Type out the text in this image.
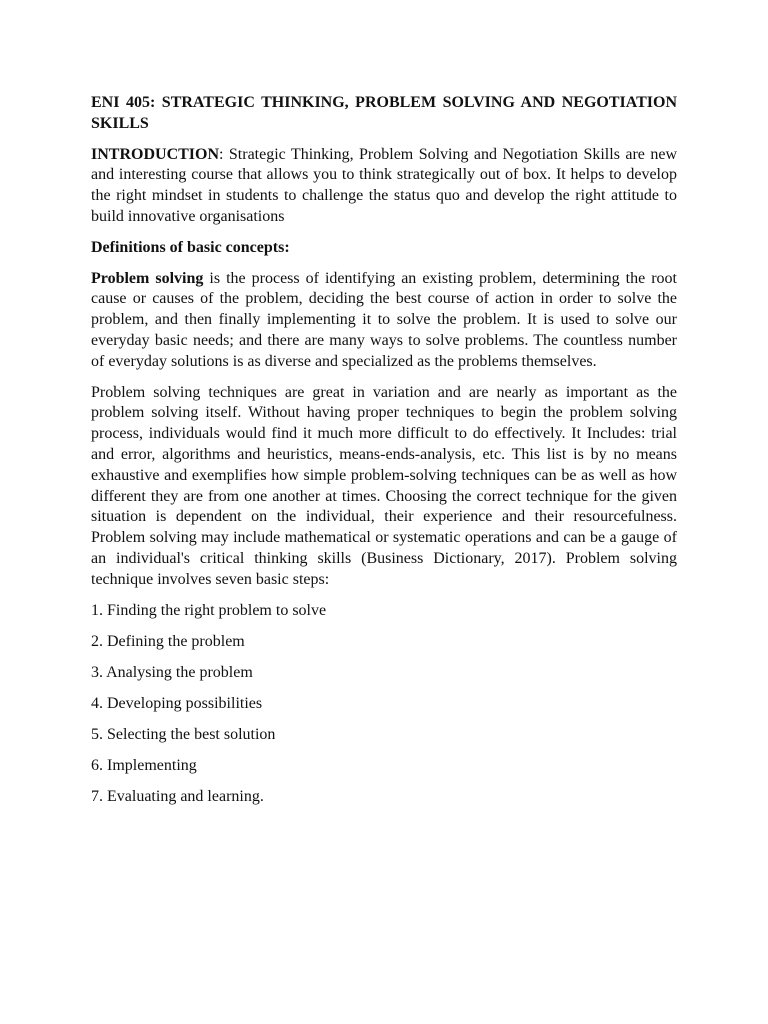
ENI 405: STRATEGIC THINKING, PROBLEM SOLVING AND NEGOTIATION SKILLS

INTRODUCTION: Strategic Thinking, Problem Solving and Negotiation Skills are new and interesting course that allows you to think strategically out of box. It helps to develop the right mindset in students to challenge the status quo and develop the right attitude to build innovative organisations

Definitions of basic concepts:

Problem solving is the process of identifying an existing problem, determining the root cause or causes of the problem, deciding the best course of action in order to solve the problem, and then finally implementing it to solve the problem. It is used to solve our everyday basic needs; and there are many ways to solve problems. The countless number of everyday solutions is as diverse and specialized as the problems themselves.

Problem solving techniques are great in variation and are nearly as important as the problem solving itself. Without having proper techniques to begin the problem solving process, individuals would find it much more difficult to do effectively. It Includes: trial and error, algorithms and heuristics, means-ends-analysis, etc. This list is by no means exhaustive and exemplifies how simple problem-solving techniques can be as well as how different they are from one another at times. Choosing the correct technique for the given situation is dependent on the individual, their experience and their resourcefulness. Problem solving may include mathematical or systematic operations and can be a gauge of an individual's critical thinking skills (Business Dictionary, 2017). Problem solving technique involves seven basic steps:

1. Finding the right problem to solve
2. Defining the problem
3. Analysing the problem
4. Developing possibilities
5. Selecting the best solution
6. Implementing
7. Evaluating and learning.
